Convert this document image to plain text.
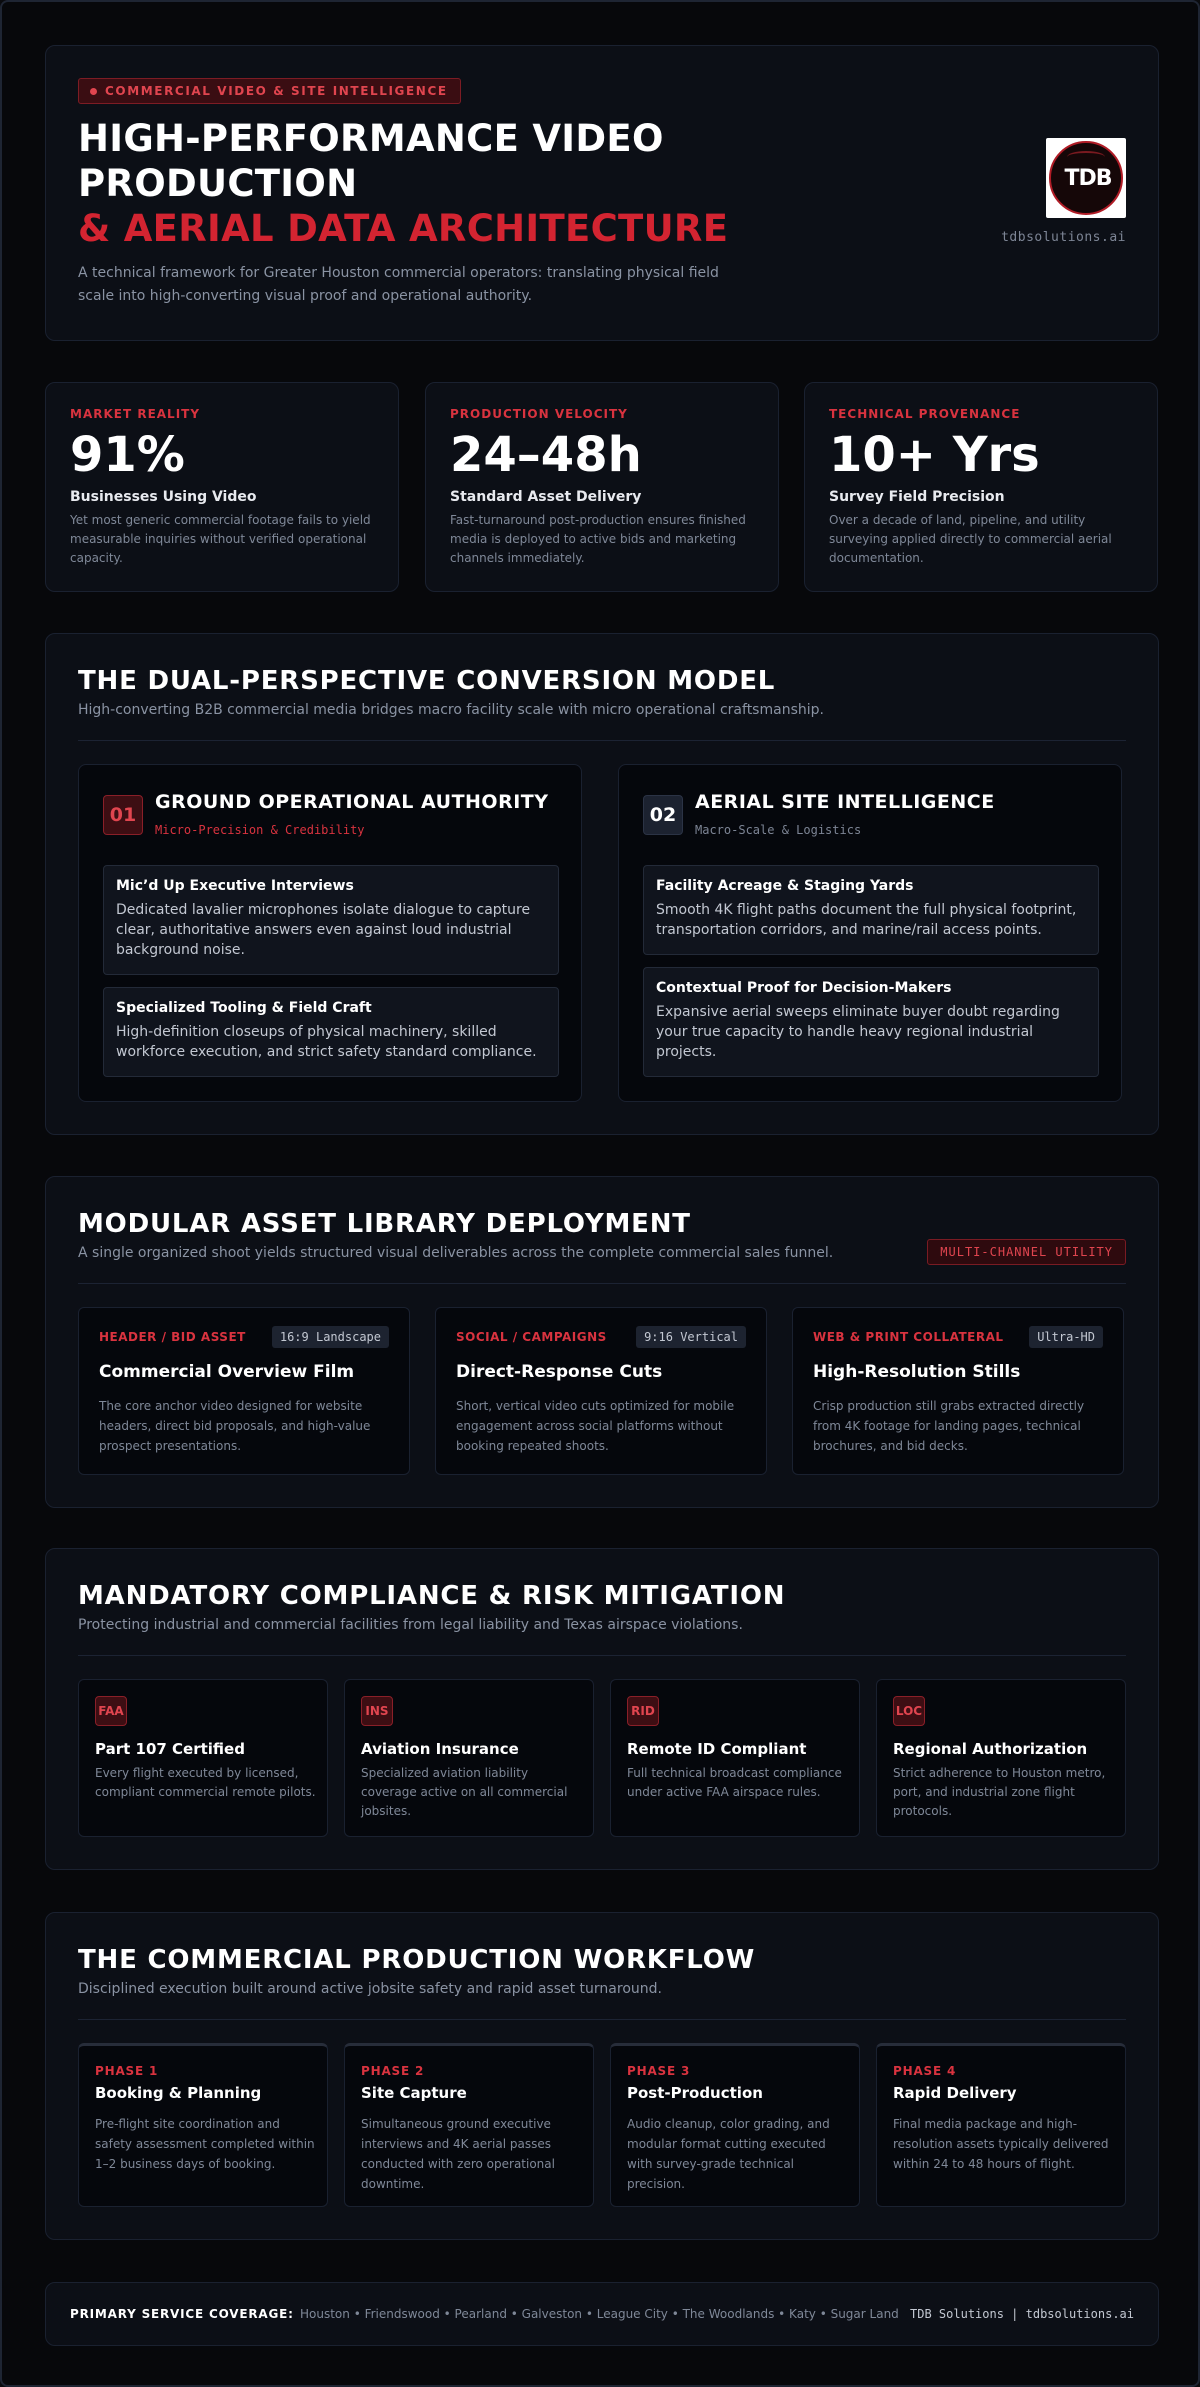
COMMERCIAL VIDEO & SITE INTELLIGENCE
HIGH-PERFORMANCE VIDEO
PRODUCTION
& AERIAL DATA ARCHITECTURE

A technical framework for Greater Houston commercial operators: translating physical field scale into high-converting visual proof and operational authority.

TDB
tdbsolutions.ai
MARKET REALITY
91%
Businesses Using Video
Yet most generic commercial footage fails to yield measurable inquiries without verified operational capacity.
PRODUCTION VELOCITY
24–48h
Standard Asset Delivery
Fast-turnaround post-production ensures finished media is deployed to active bids and marketing channels immediately.
TECHNICAL PROVENANCE
10+ Yrs
Survey Field Precision
Over a decade of land, pipeline, and utility surveying applied directly to commercial aerial documentation.
THE DUAL-PERSPECTIVE CONVERSION MODEL

High-converting B2B commercial media bridges macro facility scale with micro operational craftsmanship.

01
GROUND OPERATIONAL AUTHORITY
Micro-Precision & Credibility
Mic’d Up Executive Interviews
Dedicated lavalier microphones isolate dialogue to capture clear, authoritative answers even against loud industrial background noise.
Specialized Tooling & Field Craft
High-definition closeups of physical machinery, skilled workforce execution, and strict safety standard compliance.
02
AERIAL SITE INTELLIGENCE
Macro-Scale & Logistics
Facility Acreage & Staging Yards
Smooth 4K flight paths document the full physical footprint, transportation corridors, and marine/rail access points.
Contextual Proof for Decision-Makers
Expansive aerial sweeps eliminate buyer doubt regarding your true capacity to handle heavy regional industrial projects.
MODULAR ASSET LIBRARY DEPLOYMENT

A single organized shoot yields structured visual deliverables across the complete commercial sales funnel.	MULTI-CHANNEL UTILITY
HEADER / BID ASSET	16:9 Landscape
Commercial Overview Film
The core anchor video designed for website headers, direct bid proposals, and high-value prospect presentations.
SOCIAL / CAMPAIGNS	9:16 Vertical
Direct-Response Cuts
Short, vertical video cuts optimized for mobile engagement across social platforms without booking repeated shoots.
WEB & PRINT COLLATERAL	Ultra-HD
High-Resolution Stills
Crisp production still grabs extracted directly from 4K footage for landing pages, technical brochures, and bid decks.
MANDATORY COMPLIANCE & RISK MITIGATION

Protecting industrial and commercial facilities from legal liability and Texas airspace violations.

FAA
Part 107 Certified
Every flight executed by licensed, compliant commercial remote pilots.
INS
Aviation Insurance
Specialized aviation liability coverage active on all commercial jobsites.
RID
Remote ID Compliant
Full technical broadcast compliance under active FAA airspace rules.
LOC
Regional Authorization
Strict adherence to Houston metro, port, and industrial zone flight protocols.
THE COMMERCIAL PRODUCTION WORKFLOW

Disciplined execution built around active jobsite safety and rapid asset turnaround.

PHASE 1
Booking & Planning
Pre-flight site coordination and safety assessment completed within 1–2 business days of booking.
PHASE 2
Site Capture
Simultaneous ground executive interviews and 4K aerial passes conducted with zero operational downtime.
PHASE 3
Post-Production
Audio cleanup, color grading, and modular format cutting executed with survey-grade technical precision.
PHASE 4
Rapid Delivery
Final media package and high-resolution assets typically delivered within 24 to 48 hours of flight.
PRIMARY SERVICE COVERAGE: Houston • Friendswood • Pearland • Galveston • League City • The Woodlands • Katy • Sugar Land TDB Solutions | tdbsolutions.ai
